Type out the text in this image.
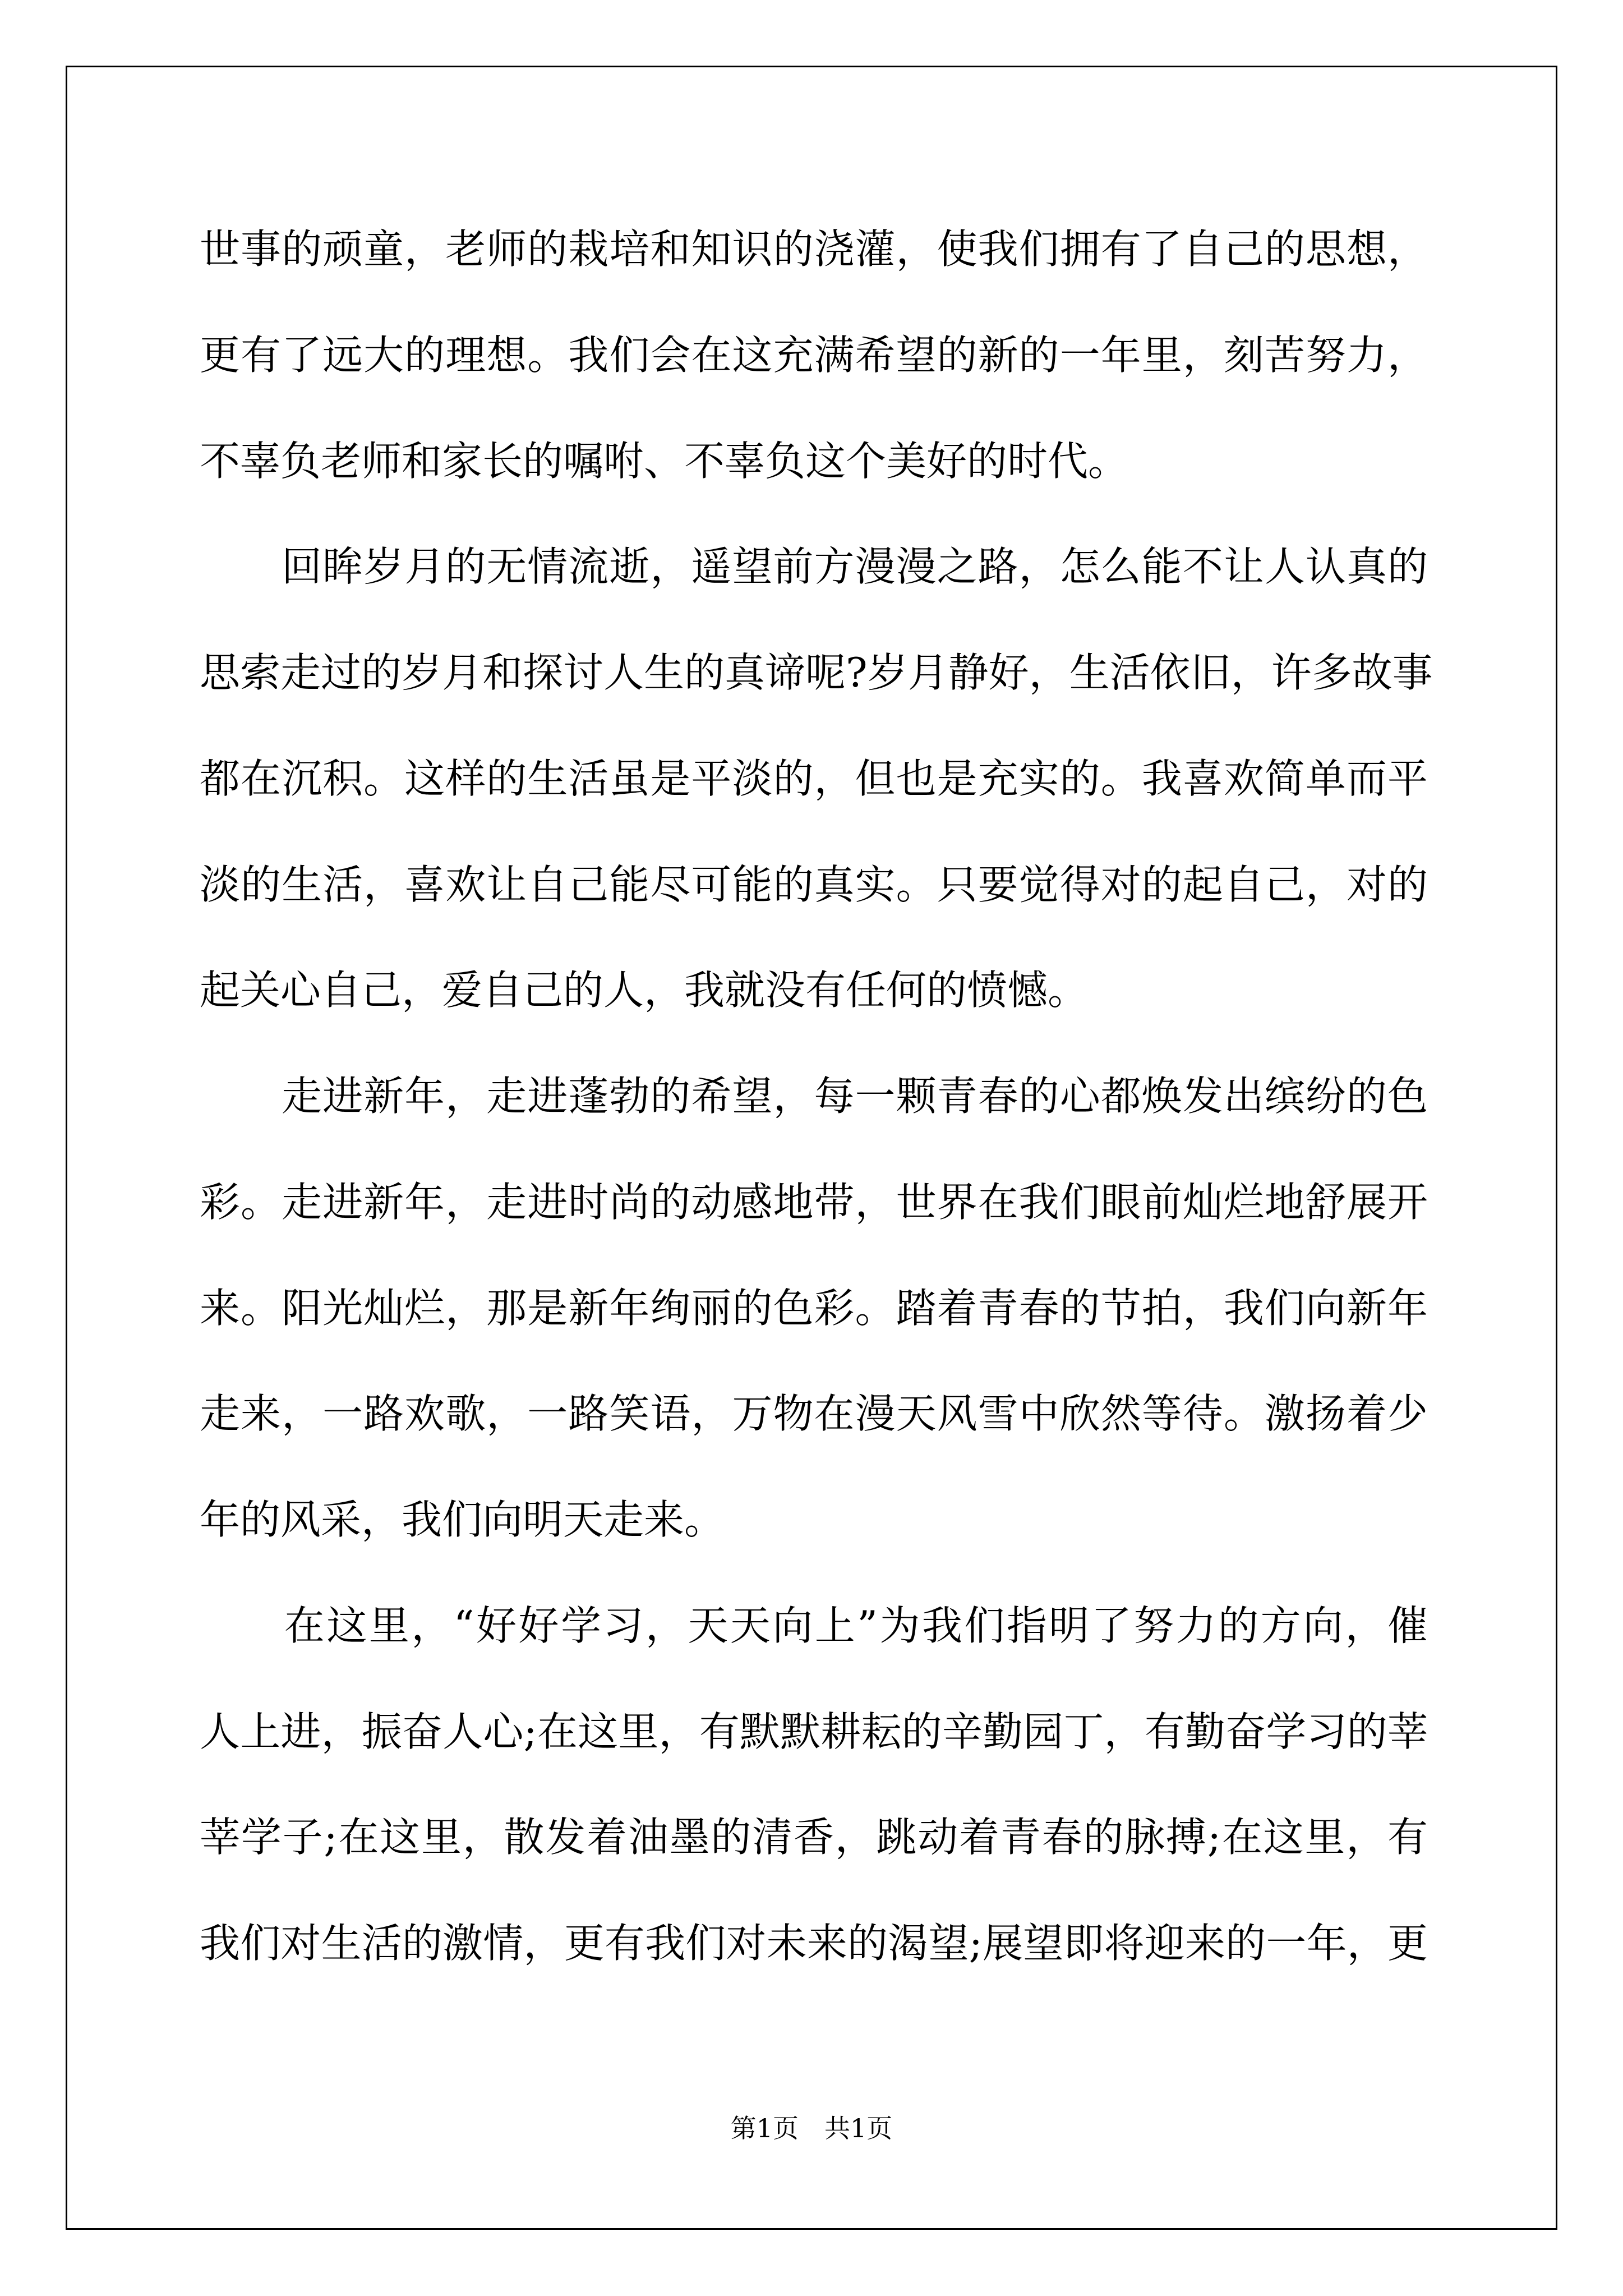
世事的顽童，老师的栽培和知识的浇灌，使我们拥有了自己的思想，
更有了远大的理想。我们会在这充满希望的新的一年里，刻苦努力，
不辜负老师和家长的嘱咐、不辜负这个美好的时代。
　　回眸岁月的无情流逝，遥望前方漫漫之路，怎么能不让人认真的
思索走过的岁月和探讨人生的真谛呢?岁月静好，生活依旧，许多故事
都在沉积。这样的生活虽是平淡的，但也是充实的。我喜欢简单而平
淡的生活，喜欢让自己能尽可能的真实。只要觉得对的起自己，对的
起关心自己，爱自己的人，我就没有任何的愤憾。
　　走进新年，走进蓬勃的希望，每一颗青春的心都焕发出缤纷的色
彩。走进新年，走进时尚的动感地带，世界在我们眼前灿烂地舒展开
来。阳光灿烂，那是新年绚丽的色彩。踏着青春的节拍，我们向新年
走来，一路欢歌，一路笑语，万物在漫天风雪中欣然等待。激扬着少
年的风采，我们向明天走来。
　　在这里，“好好学习，天天向上”为我们指明了努力的方向，催
人上进，振奋人心;在这里，有默默耕耘的辛勤园丁，有勤奋学习的莘
莘学子;在这里，散发着油墨的清香，跳动着青春的脉搏;在这里，有
我们对生活的激情，更有我们对未来的渴望;展望即将迎来的一年，更
第1页 共1页
